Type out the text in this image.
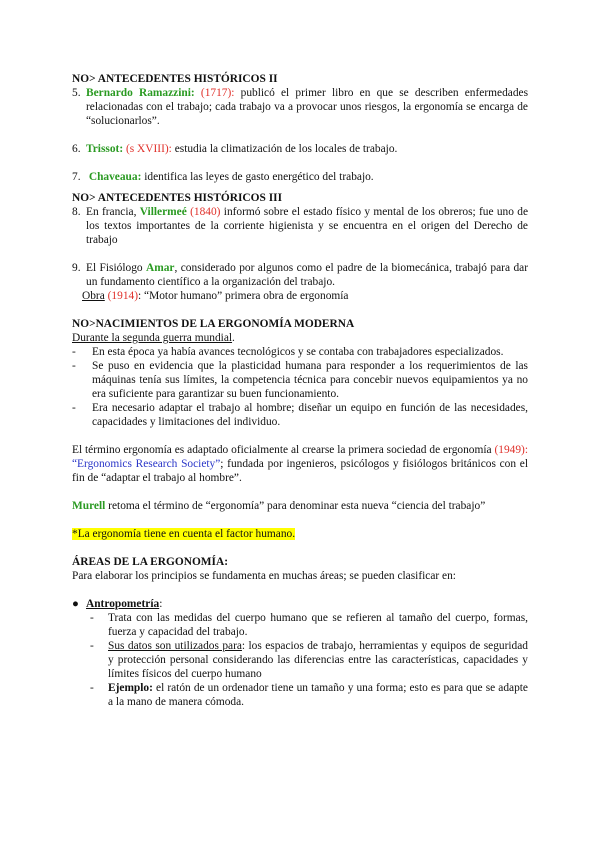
NO> ANTECEDENTES HISTÓRICOS II

5. Bernardo Ramazzini: (1717): publicó el primer libro en que se describen enfermedades relacionadas con el trabajo; cada trabajo va a provocar unos riesgos, la ergonomía se encarga de “solucionarlos”.
6. Trissot: (s XVIII): estudia la climatización de los locales de trabajo.
7. Chaveaua: identifica las leyes de gasto energético del trabajo.

NO> ANTECEDENTES HISTÓRICOS III

8. En francia, Villermeé (1840) informó sobre el estado físico y mental de los obreros; fue uno de los textos importantes de la corriente higienista y se encuentra en el origen del Derecho de trabajo
9. El Fisiólogo Amar, considerado por algunos como el padre de la biomecánica, trabajó para dar un fundamento científico a la organización del trabajo.
Obra (1914): “Motor humano” primera obra de ergonomía

NO>NACIMIENTOS DE LA ERGONOMÍA MODERNA

Durante la segunda guerra mundial.
-	En esta época ya había avances tecnológicos y se contaba con trabajadores especializados.
-	Se puso en evidencia que la plasticidad humana para responder a los requerimientos de las máquinas tenía sus límites, la competencia técnica para concebir nuevos equipamientos ya no era suficiente para garantizar su buen funcionamiento.
-	Era necesario adaptar el trabajo al hombre; diseñar un equipo en función de las necesidades, capacidades y limitaciones del individuo.
El término ergonomía es adaptado oficialmente al crearse la primera sociedad de ergonomía (1949): “Ergonomics Research Society”; fundada por ingenieros, psicólogos y fisiólogos británicos con el fin de “adaptar el trabajo al hombre”.
Murell retoma el término de “ergonomía” para denominar esta nueva “ciencia del trabajo”
*La ergonomía tiene en cuenta el factor humano.

ÁREAS DE LA ERGONOMÍA:

Para elaborar los principios se fundamenta en muchas áreas; se pueden clasificar en:
● Antropometría:
-	Trata con las medidas del cuerpo humano que se refieren al tamaño del cuerpo, formas, fuerza y capacidad del trabajo.
-	Sus datos son utilizados para: los espacios de trabajo, herramientas y equipos de seguridad y protección personal considerando las diferencias entre las características, capacidades y límites físicos del cuerpo humano
-	Ejemplo: el ratón de un ordenador tiene un tamaño y una forma; esto es para que se adapte a la mano de manera cómoda.
